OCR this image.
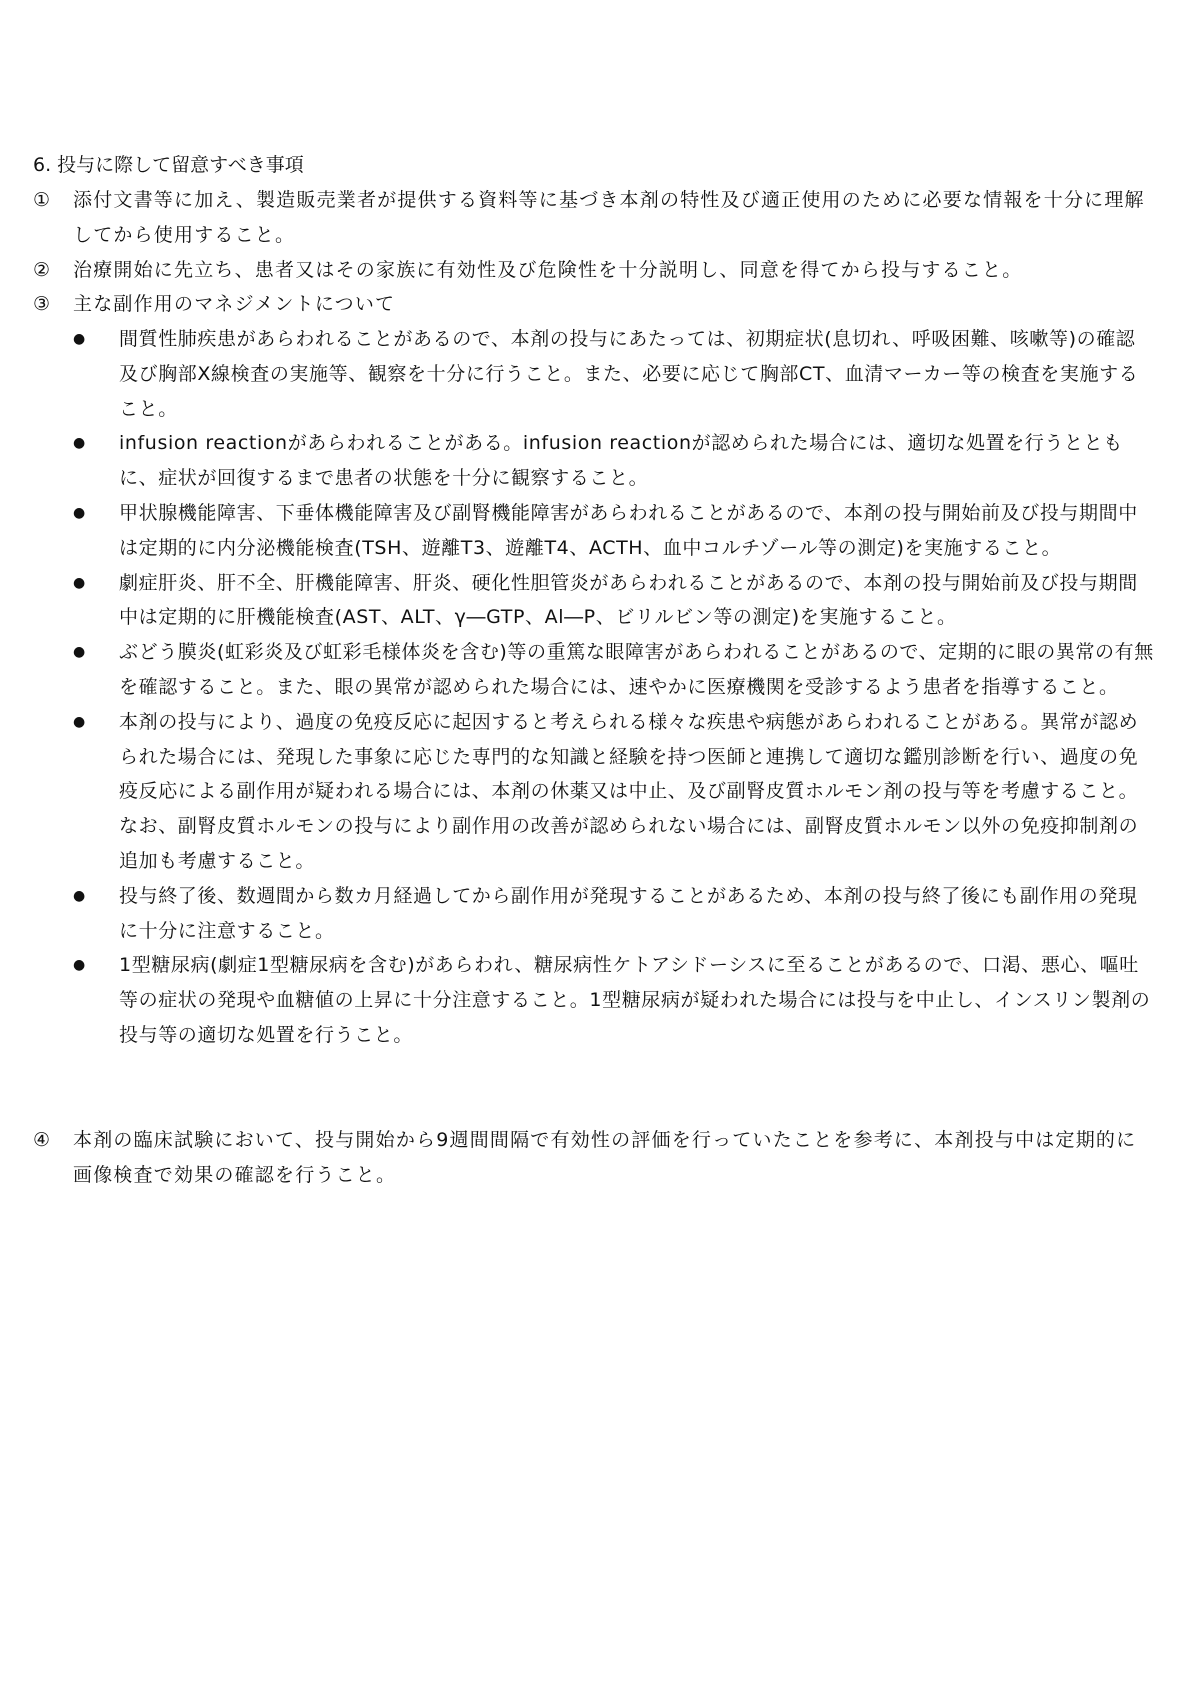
6. 投与に際して留意すべき事項
①	添付文書等に加え、製造販売業者が提供する資料等に基づき本剤の特性及び適正使用のために必要な情報を十分に理解してから使用すること。
②	治療開始に先立ち、患者又はその家族に有効性及び危険性を十分説明し、同意を得てから投与すること。
③	主な副作用のマネジメントについて
●	間質性肺疾患があらわれることがあるので、本剤の投与にあたっては、初期症状(息切れ、呼吸困難、咳嗽等)の確認及び胸部X線検査の実施等、観察を十分に行うこと。また、必要に応じて胸部CT、血清マーカー等の検査を実施すること。
●	infusion reactionがあらわれることがある。infusion reactionが認められた場合には、適切な処置を行うとともに、症状が回復するまで患者の状態を十分に観察すること。
●	甲状腺機能障害、下垂体機能障害及び副腎機能障害があらわれることがあるので、本剤の投与開始前及び投与期間中は定期的に内分泌機能検査(TSH、遊離T3、遊離T4、ACTH、血中コルチゾール等の測定)を実施すること。
●	劇症肝炎、肝不全、肝機能障害、肝炎、硬化性胆管炎があらわれることがあるので、本剤の投与開始前及び投与期間中は定期的に肝機能検査(AST、ALT、γ―GTP、Al―P、ビリルビン等の測定)を実施すること。
●	ぶどう膜炎(虹彩炎及び虹彩毛様体炎を含む)等の重篤な眼障害があらわれることがあるので、定期的に眼の異常の有無を確認すること。また、眼の異常が認められた場合には、速やかに医療機関を受診するよう患者を指導すること。
●	本剤の投与により、過度の免疫反応に起因すると考えられる様々な疾患や病態があらわれることがある。異常が認められた場合には、発現した事象に応じた専門的な知識と経験を持つ医師と連携して適切な鑑別診断を行い、過度の免疫反応による副作用が疑われる場合には、本剤の休薬又は中止、及び副腎皮質ホルモン剤の投与等を考慮すること。なお、副腎皮質ホルモンの投与により副作用の改善が認められない場合には、副腎皮質ホルモン以外の免疫抑制剤の追加も考慮すること。
●	投与終了後、数週間から数カ月経過してから副作用が発現することがあるため、本剤の投与終了後にも副作用の発現に十分に注意すること。
●	1型糖尿病(劇症1型糖尿病を含む)があらわれ、糖尿病性ケトアシドーシスに至ることがあるので、口渇、悪心、嘔吐等の症状の発現や血糖値の上昇に十分注意すること。1型糖尿病が疑われた場合には投与を中止し、インスリン製剤の投与等の適切な処置を行うこと。
④	本剤の臨床試験において、投与開始から9週間間隔で有効性の評価を行っていたことを参考に、本剤投与中は定期的に画像検査で効果の確認を行うこと。
